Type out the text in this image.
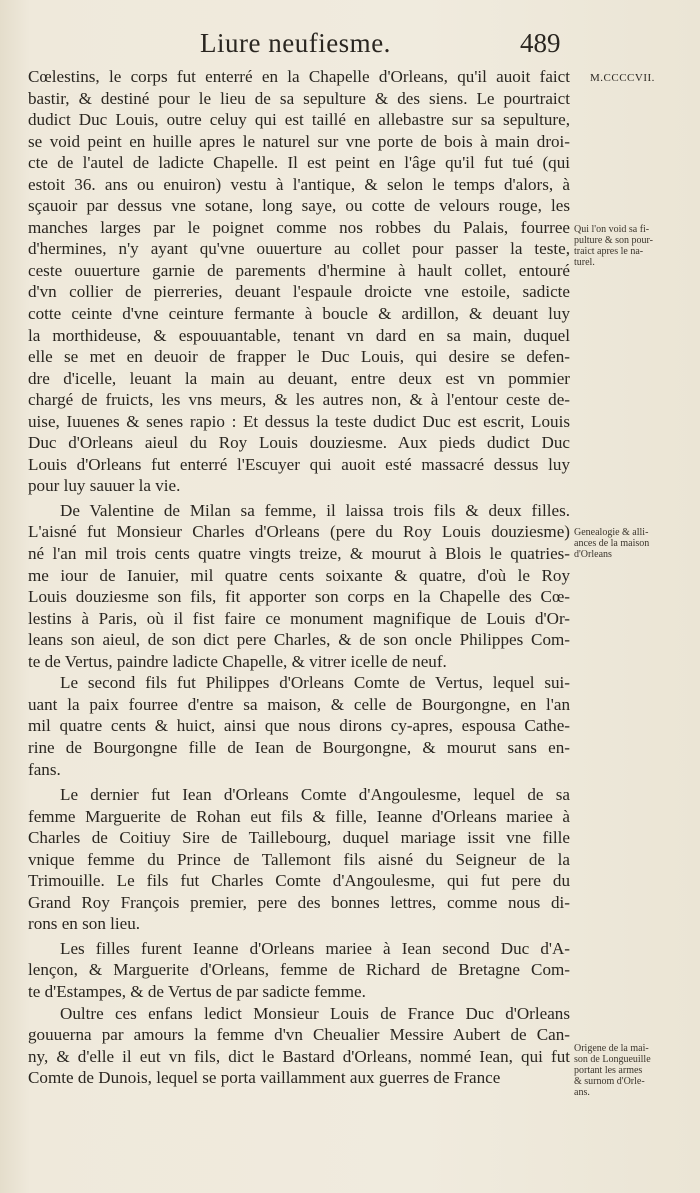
Liure neufiesme.	489
M.CCCCVII.
Cœlestins, le corps fut enterré en la Chapelle d'Orleans, qu'il auoit faict
bastir, & destiné pour le lieu de sa sepulture & des siens. Le pourtraict
dudict Duc Louis, outre celuy qui est taillé en allebastre sur sa sepulture,
se void peint en huille apres le naturel sur vne porte de bois à main droi-
cte de l'autel de ladicte Chapelle. Il est peint en l'âge qu'il fut tué (qui
estoit 36. ans ou enuiron) vestu à l'antique, & selon le temps d'alors, à
sçauoir par dessus vne sotane, long saye, ou cotte de velours rouge, les
manches larges par le poignet comme nos robbes du Palais, fourree
d'hermines, n'y ayant qu'vne ouuerture au collet pour passer la teste,
ceste ouuerture garnie de parements d'hermine à hault collet, entouré
d'vn collier de pierreries, deuant l'espaule droicte vne estoile, sadicte
cotte ceinte d'vne ceinture fermante à boucle & ardillon, & deuant luy
la morthideuse, & espouuantable, tenant vn dard en sa main, duquel
elle se met en deuoir de frapper le Duc Louis, qui desire se defen-
dre d'icelle, leuant la main au deuant, entre deux est vn pommier
chargé de fruicts, les vns meurs, & les autres non, & à l'entour ceste de-
uise, Iuuenes & senes rapio : Et dessus la teste dudict Duc est escrit, Louis
Duc d'Orleans aieul du Roy Louis douziesme. Aux pieds dudict Duc
Louis d'Orleans fut enterré l'Escuyer qui auoit esté massacré dessus luy
pour luy sauuer la vie.
De Valentine de Milan sa femme, il laissa trois fils & deux filles.
L'aisné fut Monsieur Charles d'Orleans (pere du Roy Louis douziesme)
né l'an mil trois cents quatre vingts treize, & mourut à Blois le quatries-
me iour de Ianuier, mil quatre cents soixante & quatre, d'où le Roy
Louis douziesme son fils, fit apporter son corps en la Chapelle des Cœ-
lestins à Paris, où il fist faire ce monument magnifique de Louis d'Or-
leans son aieul, de son dict pere Charles, & de son oncle Philippes Com-
te de Vertus, paindre ladicte Chapelle, & vitrer icelle de neuf.
Le second fils fut Philippes d'Orleans Comte de Vertus, lequel sui-
uant la paix fourree d'entre sa maison, & celle de Bourgongne, en l'an
mil quatre cents & huict, ainsi que nous dirons cy-apres, espousa Cathe-
rine de Bourgongne fille de Iean de Bourgongne, & mourut sans en-
fans.
Le dernier fut Iean d'Orleans Comte d'Angoulesme, lequel de sa
femme Marguerite de Rohan eut fils & fille, Ieanne d'Orleans mariee à
Charles de Coitiuy Sire de Taillebourg, duquel mariage issit vne fille
vnique femme du Prince de Tallemont fils aisné du Seigneur de la
Trimouille. Le fils fut Charles Comte d'Angoulesme, qui fut pere du
Grand Roy François premier, pere des bonnes lettres, comme nous di-
rons en son lieu.
Les filles furent Ieanne d'Orleans mariee à Iean second Duc d'A-
lençon, & Marguerite d'Orleans, femme de Richard de Bretagne Com-
te d'Estampes, & de Vertus de par sadicte femme.
Oultre ces enfans ledict Monsieur Louis de France Duc d'Orleans
gouuerna par amours la femme d'vn Cheualier Messire Aubert de Can-
ny, & d'elle il eut vn fils, dict le Bastard d'Orleans, nommé Iean, qui fut
Comte de Dunois, lequel se porta vaillamment aux guerres de France
Qui l'on void sa fi-
pulture & son pour-
traict apres le na-
turel.
Genealogie & alli-
ances de la maison
d'Orleans
Origene de la mai-
son de Longueuille
portant les armes
& surnom d'Orle-
ans.
